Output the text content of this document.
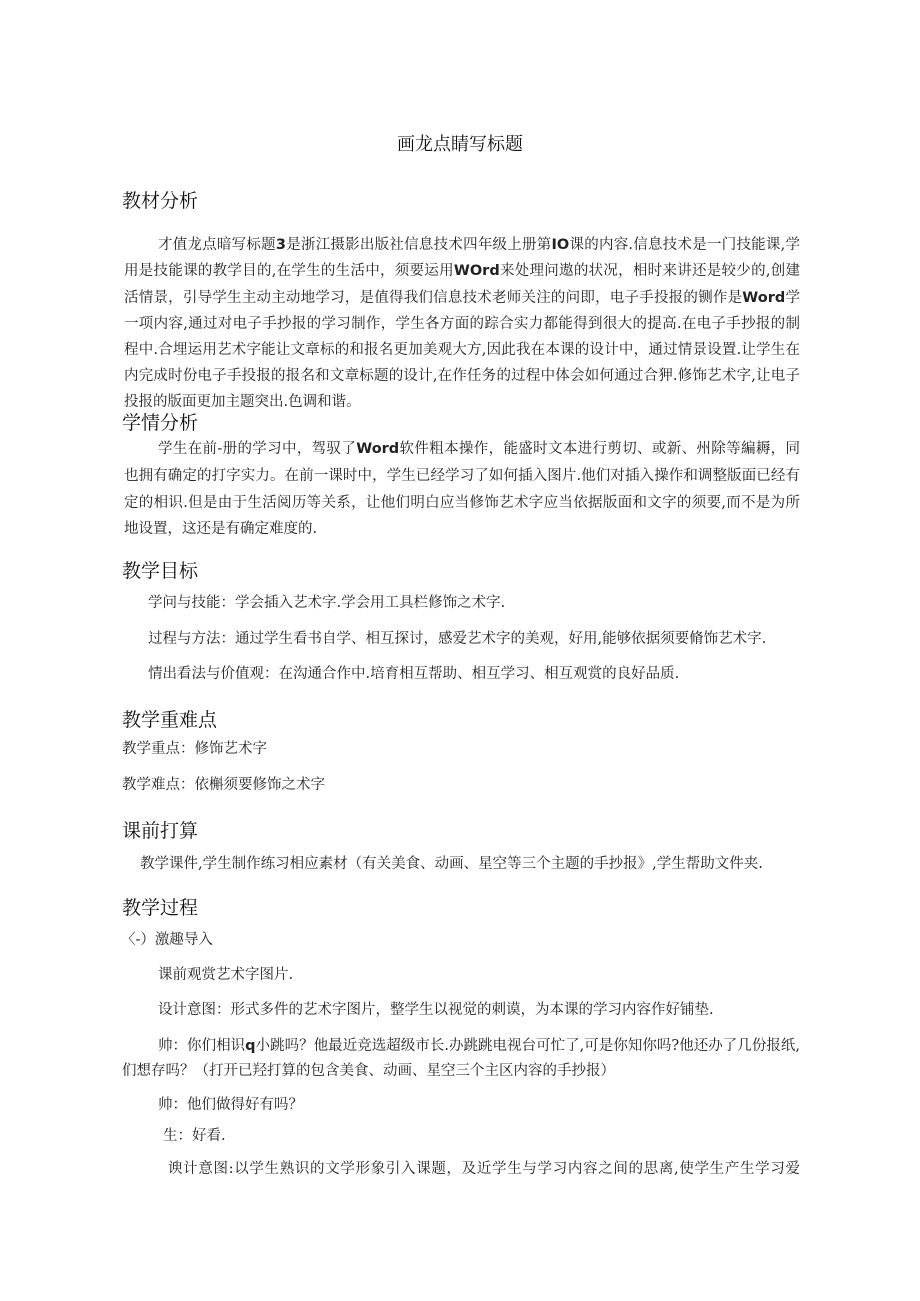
画龙点睛写标题
教材分析
才值龙点暗写标题3是浙江摄影出版社信息技术四年级上册第IO课的内容.信息技术是一门技能课,学
用是技能课的教学目的,在学生的生活中，须要运用WOrd来处理问遨的状况，相时来讲还是较少的,创建
活情景，引导学生主动主动地学习，是值得我们信息技术老师关注的问即，电子手投报的铡作是Word学
一项内容,通过对电子手抄报的学习制作，学生各方面的踪合实力都能得到很大的提高.在电子手抄报的制
程中.合埋运用艺术字能让文章标的和报名更加美观大方,因此我在本课的设计中，通过情景设置.让学生在
内完成时份电子手投报的报名和文章标题的设计,在作任务的过程中体会如何通过合狎.修饰艺术字,让电子
投报的版面更加主题突出.色调和谐。
学情分析
学生在前-册的学习中，驾驭了Word软件粗本操作，能盛时文本进行剪切、或新、州除等編耨，同
也拥有确定的打字实力。在前一课时中，学生已经学习了如何插入图片.他们对插入操作和调整版面已经有
定的相识.但是由于生活阅历等关系，让他们明白应当修饰艺术字应当依据版面和文字的须要,而不是为所
地设置，这还是有确定难度的.
教学目标
学问与技能：学会插入艺术字.学会用工具栏修饰之术字.
过程与方法：通过学生看书自学、相互探讨，感爱艺术字的美观，好用,能够依据须要脩饰艺术字.
情出看法与价值观：在沟通合作中.培育相互帮助、相互学习、相互观赏的良好品质.
教学重难点
教学重点：修饰艺术字
教学难点：依槲须要修饰之术字
课前打算
教学课件,学生制作练习相应素材（有关美食、动画、星空等三个主题的手抄报》,学生帮助文件夹.
教学过程
〈-）激趣导入
课前观赏艺术字图片.
设计意图：形式多件的艺术字图片，整学生以视觉的刺谟，为本课的学习内容作好铺垫.
帅：你们相识q小跳吗？他最近竞选超级市长.办跳跳电视台可忙了,可是你知你吗?他还办了几份报纸,
们想存吗？（打开已羟打算的包含美食、动画、星空三个主区内容的手抄报）
帅：他们做得好有吗？
生：好看.
谀计意图:以学生熟识的文学形象引入课题，及近学生与学习内容之间的思离,使学生产生学习爱
